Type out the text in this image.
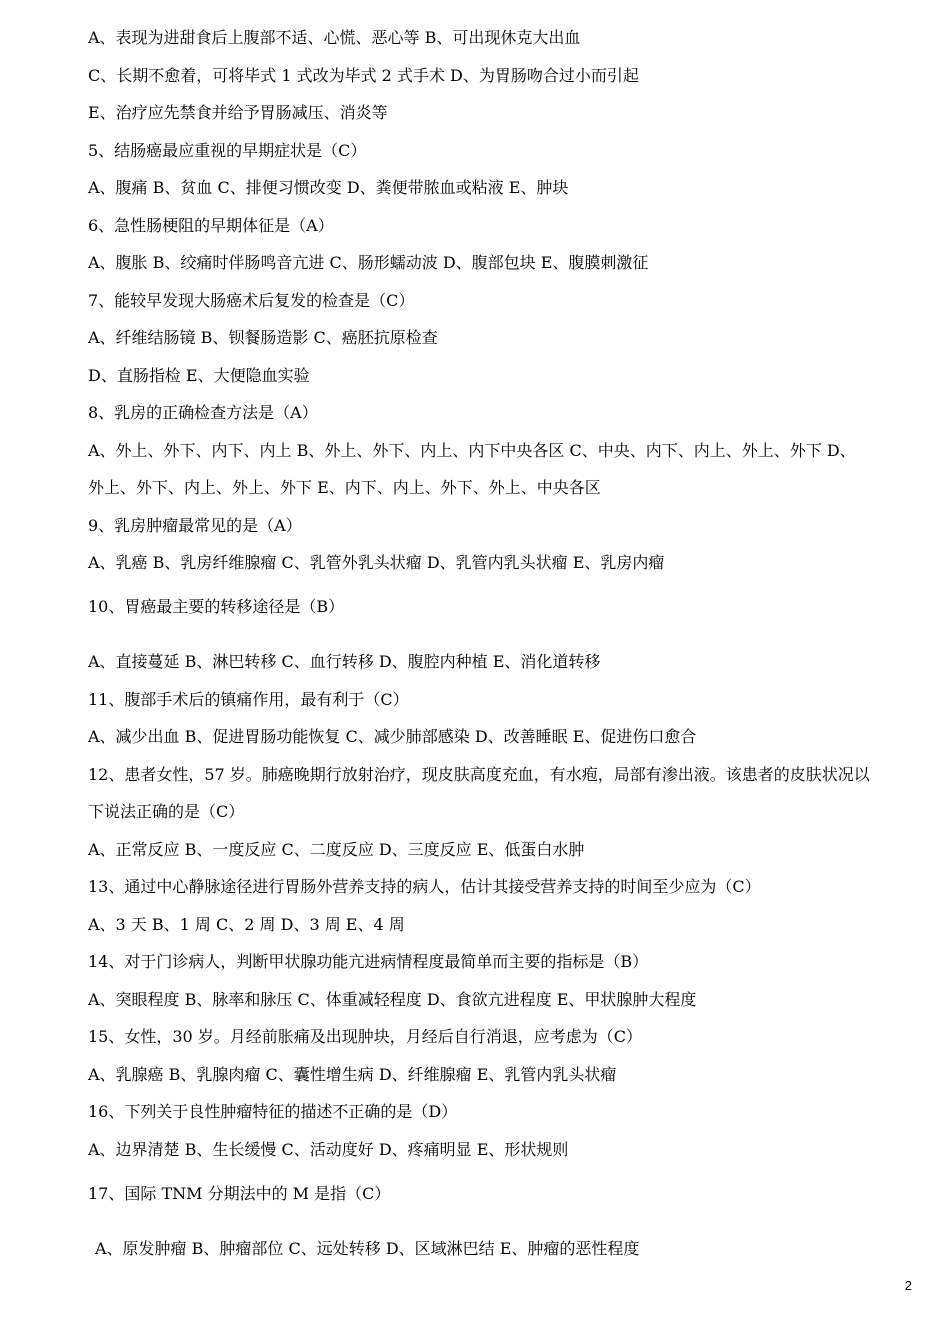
A、表现为进甜食后上腹部不适、心慌、恶心等 B、可出现休克大出血
C、长期不愈着，可将毕式 1 式改为毕式 2 式手术 D、为胃肠吻合过小而引起
E、治疗应先禁食并给予胃肠减压、消炎等
5、结肠癌最应重视的早期症状是（C）
A、腹痛 B、贫血 C、排便习惯改变 D、粪便带脓血或粘液 E、肿块
6、急性肠梗阻的早期体征是（A）
A、腹胀 B、绞痛时伴肠鸣音亢进 C、肠形蠕动波 D、腹部包块 E、腹膜刺激征
7、能较早发现大肠癌术后复发的检查是（C）
A、纤维结肠镜 B、钡餐肠造影 C、癌胚抗原检查
D、直肠指检 E、大便隐血实验
8、乳房的正确检查方法是（A）
A、外上、外下、内下、内上 B、外上、外下、内上、内下中央各区 C、中央、内下、内上、外上、外下 D、
外上、外下、内上、外上、外下 E、内下、内上、外下、外上、中央各区
9、乳房肿瘤最常见的是（A）
A、乳癌 B、乳房纤维腺瘤 C、乳管外乳头状瘤 D、乳管内乳头状瘤 E、乳房内瘤
10、胃癌最主要的转移途径是（B）
A、直接蔓延 B、淋巴转移 C、血行转移 D、腹腔内种植 E、消化道转移
11、腹部手术后的镇痛作用，最有利于（C）
A、减少出血 B、促进胃肠功能恢复 C、减少肺部感染 D、改善睡眠 E、促进伤口愈合
12、患者女性，57 岁。肺癌晚期行放射治疗，现皮肤高度充血，有水疱，局部有渗出液。该患者的皮肤状况以
下说法正确的是（C）
A、正常反应 B、一度反应 C、二度反应 D、三度反应 E、低蛋白水肿
13、通过中心静脉途径进行胃肠外营养支持的病人，估计其接受营养支持的时间至少应为（C）
A、3 天 B、1 周 C、2 周 D、3 周 E、4 周
14、对于门诊病人，判断甲状腺功能亢进病情程度最简单而主要的指标是（B）
A、突眼程度 B、脉率和脉压 C、体重减轻程度 D、食欲亢进程度 E、甲状腺肿大程度
15、女性，30 岁。月经前胀痛及出现肿块，月经后自行消退，应考虑为（C）
A、乳腺癌 B、乳腺肉瘤 C、囊性增生病 D、纤维腺瘤 E、乳管内乳头状瘤
16、下列关于良性肿瘤特征的描述不正确的是（D）
A、边界清楚 B、生长缓慢 C、活动度好 D、疼痛明显 E、形状规则
17、国际 TNM 分期法中的 M 是指（C）
A、原发肿瘤 B、肿瘤部位 C、远处转移 D、区域淋巴结 E、肿瘤的恶性程度
2
